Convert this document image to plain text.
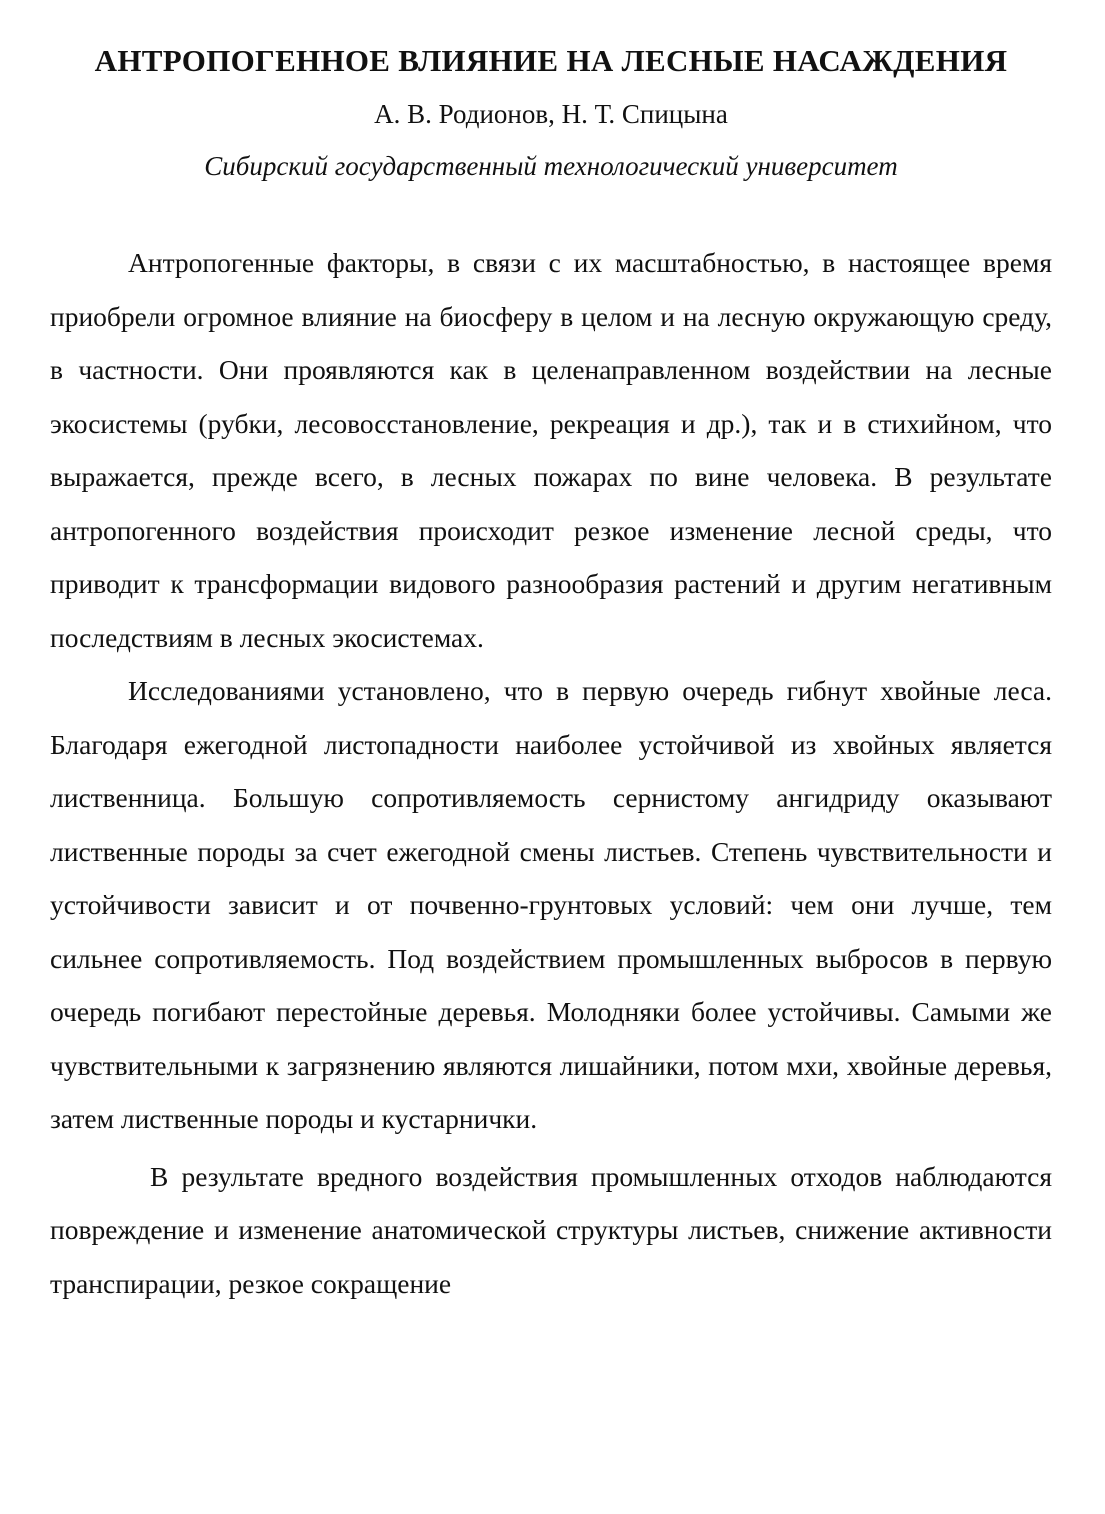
АНТРОПОГЕННОЕ ВЛИЯНИЕ НА ЛЕСНЫЕ НАСАЖДЕНИЯ
А. В. Родионов, Н. Т. Спицына
Сибирский государственный технологический университет

Антропогенные факторы, в связи с их масштабностью, в настоящее время приобрели огромное влияние на биосферу в целом и на лесную окружающую среду, в частности. Они проявляются как в целенаправленном воздействии на лесные экосистемы (рубки, лесовосстановление, рекреация и др.), так и в стихийном, что выражается, прежде всего, в лесных пожарах по вине человека. В результате антропогенного воздействия происходит резкое изменение лесной среды, что приводит к трансформации видового разнообразия растений и другим негативным последствиям в лесных экосистемах.

Исследованиями установлено, что в первую очередь гибнут хвойные леса. Благодаря ежегодной листопадности наиболее устойчивой из хвойных является лиственница. Большую сопротивляемость сернистому ангидриду оказывают лиственные породы за счет ежегодной смены листьев. Степень чувствительности и устойчивости зависит и от почвенно-грунтовых условий: чем они лучше, тем сильнее сопротивляемость. Под воздействием промышленных выбросов в первую очередь погибают перестойные деревья. Молодняки более устойчивы. Самыми же чувствительными к загрязнению являются лишайники, потом мхи, хвойные деревья, затем лиственные породы и кустарнички.

В результате вредного воздействия промышленных отходов наблюдаются повреждение и изменение анатомической структуры листьев, снижение активности транспирации, резкое сокращение
